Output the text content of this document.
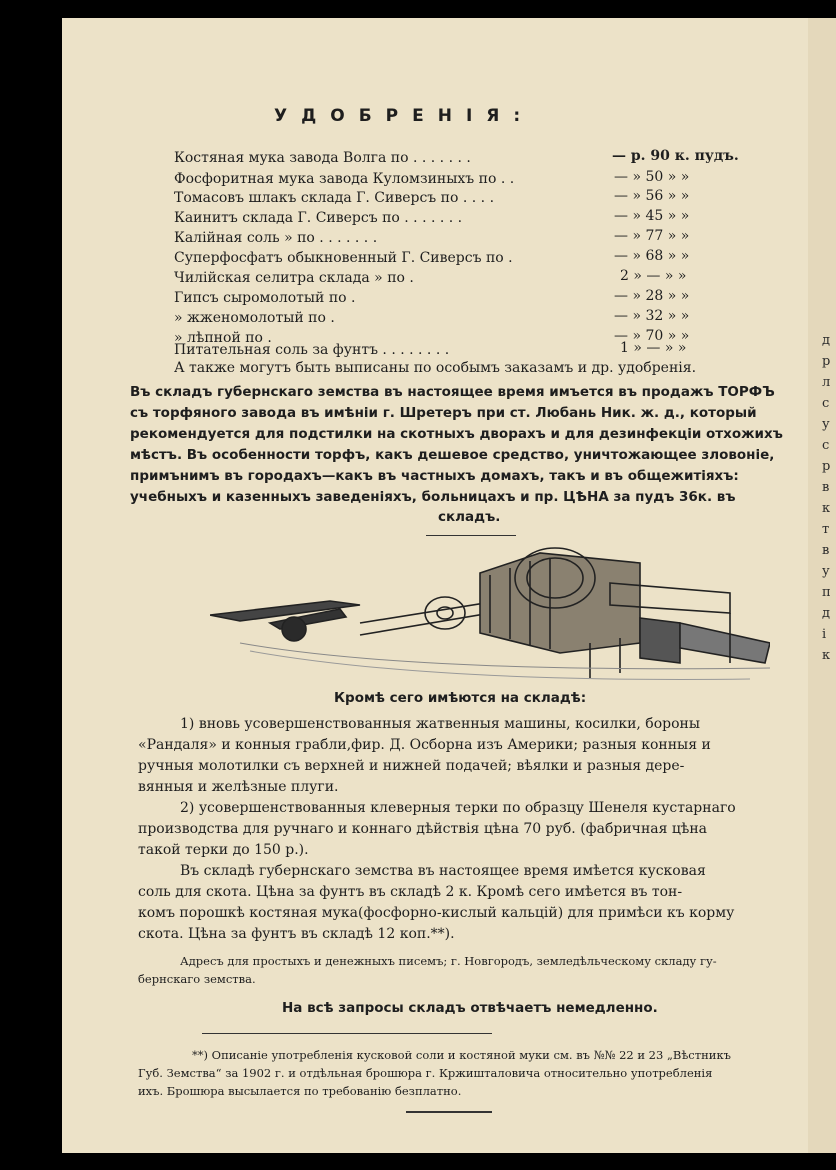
УДОБРЕНІЯ:
Костяная мука завода Волга по . . . . . . .	— р. 90 к. пудъ.
Фосфоритная мука завода Куломзиныхъ по . .	— » 50 » »
Томасовъ шлакъ склада Г. Сиверсъ по . . . .	— » 56 » »
Каинитъ склада Г. Сиверсъ по . . . . . . .	— » 45 » »
Калійная соль » по . . . . . . .	— » 77 » »
Суперфосфатъ обыкновенный Г. Сиверсъ по .	— » 68 » »
Чилійская селитра склада » по .	2 » — » »
Гипсъ сыромолотый по .	— » 28 » »
» жженомолотый по .	— » 32 » »
» лѣпной по .	— » 70 » »
Питательная соль за фунтъ . . . . . . . .	1 » — » »
А также могутъ быть выписаны по особымъ заказамъ и др. удобренія.
Въ складъ губернскаго земства въ настоящее время имъется въ продажъ ТОРФЪ
съ торфяного завода въ имѣніи г. Шретеръ при ст. Любань Ник. ж. д., который
рекомендуется для подстилки на скотныхъ дворахъ и для дезинфекціи отхожихъ
мѣстъ. Въ особенности торфъ, какъ дешевое средство, уничтожающее зловоніе,
примънимъ въ городахъ—какъ въ частныхъ домахъ, такъ и въ общежитіяхъ:
учебныхъ и казенныхъ заведеніяхъ, больницахъ и пр. ЦѢНА за пудъ 36к. въ
складъ.
Кромѣ сего имѣются на складѣ:
1) вновь усовершенствованныя жатвенныя машины, косилки, бороны
«Рандаля» и конныя грабли,фир. Д. Осборна изъ Америки; разныя конныя и
ручныя молотилки съ верхней и нижней подачей; вѣялки и разныя дере-
вянныя и желѣзные плуги.
2) усовершенствованныя клеверныя терки по образцу Шенеля кустарнаго
производства для ручнаго и коннаго дѣйствія цѣна 70 руб. (фабричная цѣна
такой терки до 150 р.).
Въ складѣ губернскаго земства въ настоящее время имѣется кусковая
соль для скота. Цѣна за фунтъ въ складѣ 2 к. Кромѣ сего имѣется въ тон-
комъ порошкѣ костяная мука(фосфорно-кислый кальцій) для примѣси къ корму
скота. Цѣна за фунтъ въ складѣ 12 коп.**).
Адресъ для простыхъ и денежныхъ писемъ; г. Новгородъ, земледѣльческому складу гу-
бернскаго земства.
На всѣ запросы складъ отвѣчаетъ немедленно.
**) Описаніе употребленія кусковой соли и костяной муки см. въ №№ 22 и 23 „Вѣстникъ
Губ. Земства“ за 1902 г. и отдѣльная брошюра г. Кржишталовича относительно употребленія
ихъ. Брошюра высылается по требованію безплатно.
д
р
л
с
у
с
р
в
к
т
в
у
п
д
і
к
